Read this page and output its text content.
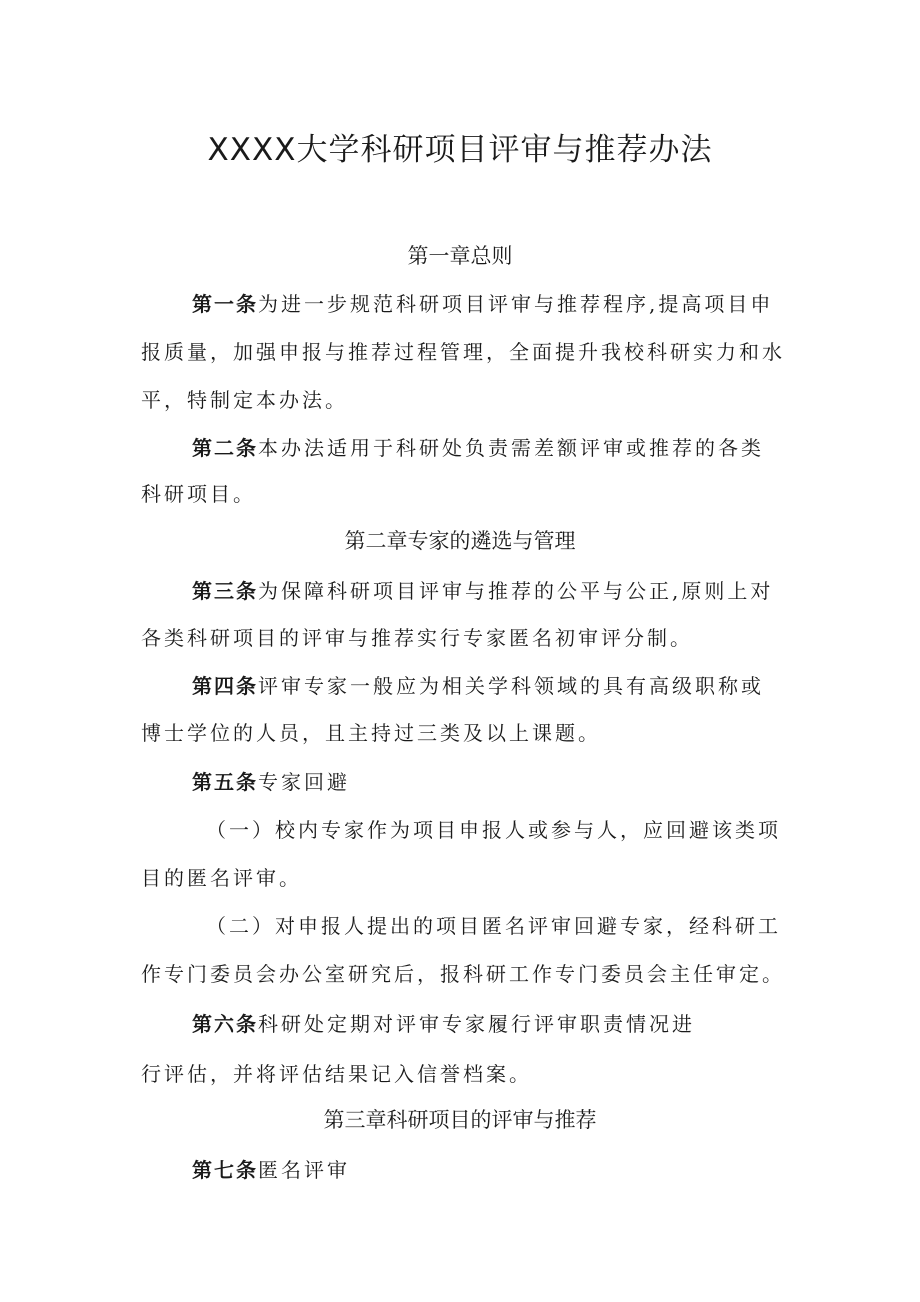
XXXX大学科研项目评审与推荐办法
第一章总则

第一条为进一步规范科研项目评审与推荐程序,提高项目申

报质量，加强申报与推荐过程管理，全面提升我校科研实力和水

平，特制定本办法。

第二条本办法适用于科研处负责需差额评审或推荐的各类

科研项目。

第二章专家的遴选与管理

第三条为保障科研项目评审与推荐的公平与公正,原则上对

各类科研项目的评审与推荐实行专家匿名初审评分制。

第四条评审专家一般应为相关学科领域的具有高级职称或

博士学位的人员，且主持过三类及以上课题。

第五条专家回避

（一）校内专家作为项目申报人或参与人，应回避该类项

目的匿名评审。

（二）对申报人提出的项目匿名评审回避专家，经科研工

作专门委员会办公室研究后，报科研工作专门委员会主任审定。

第六条科研处定期对评审专家履行评审职责情况进

行评估，并将评估结果记入信誉档案。

第三章科研项目的评审与推荐

第七条匿名评审
